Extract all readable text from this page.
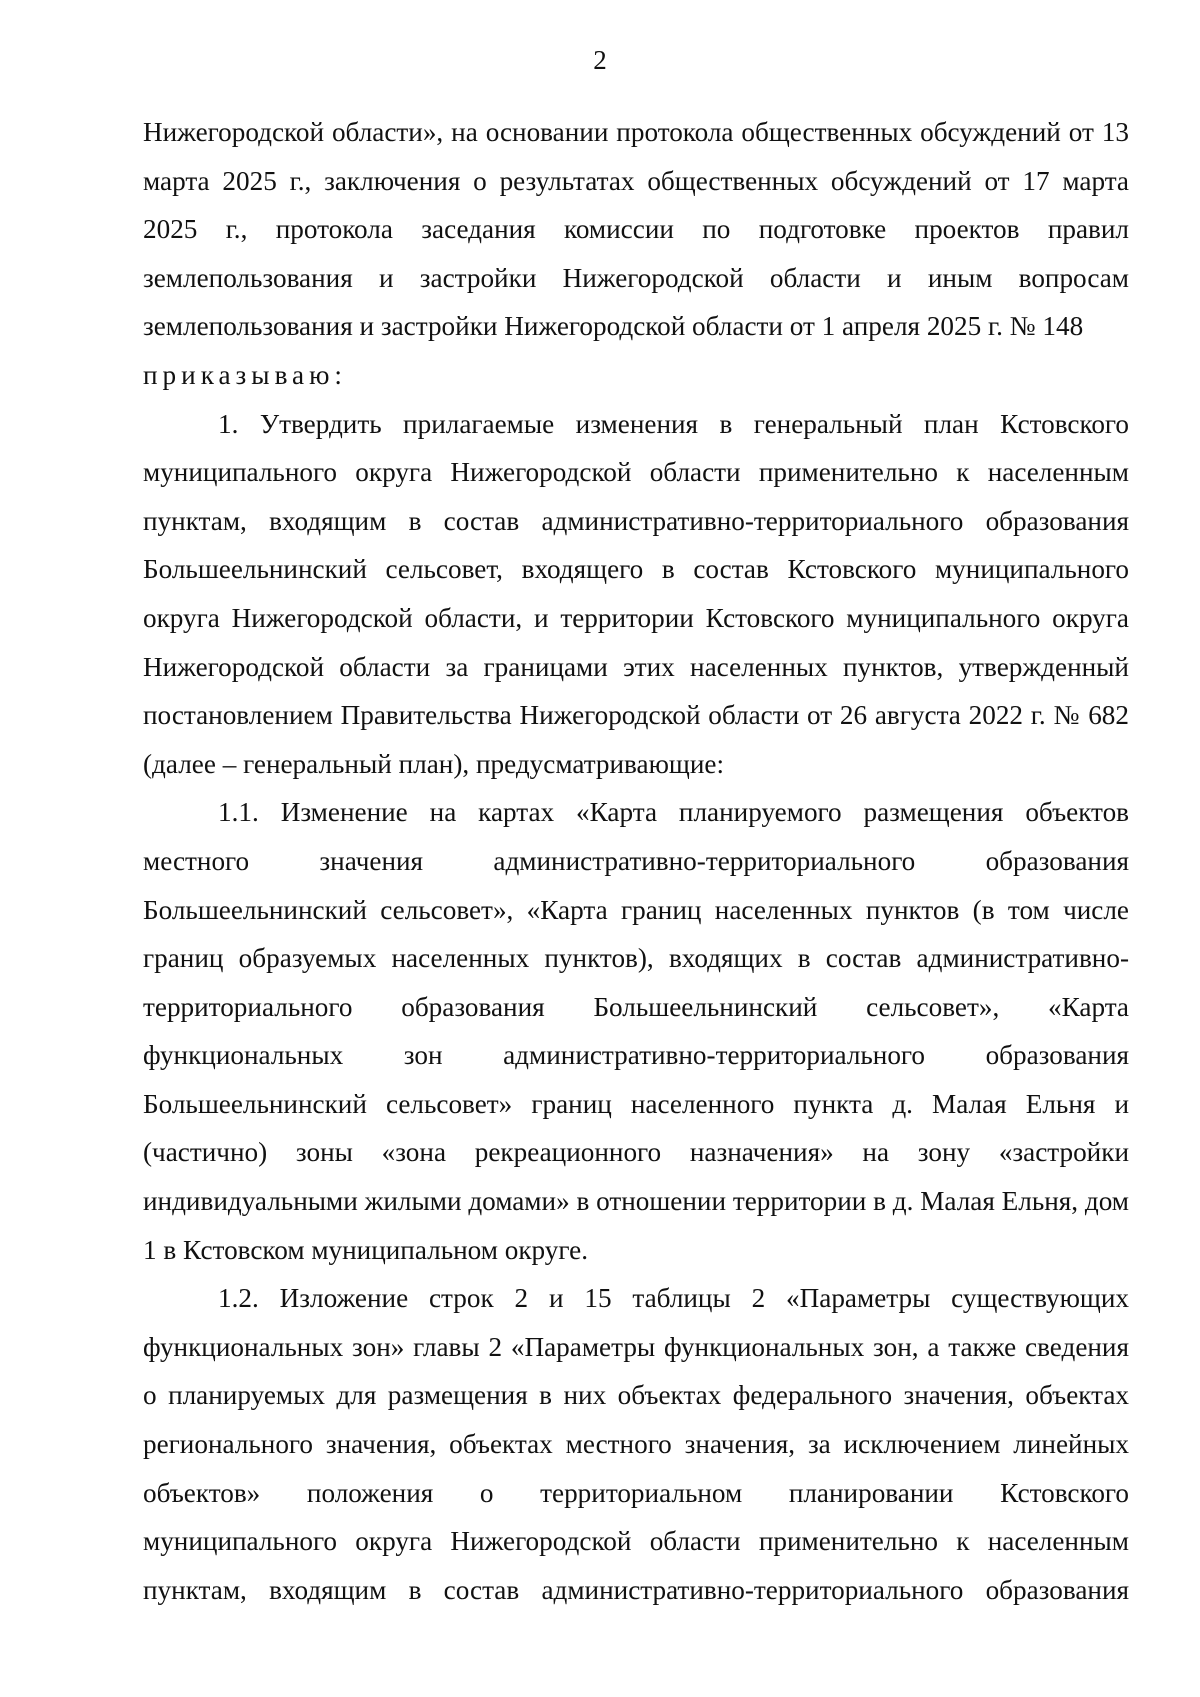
2

Нижегородской области», на основании протокола общественных обсуждений от 13 марта 2025 г., заключения о результатах общественных обсуждений от 17 марта 2025 г., протокола заседания комиссии по подготовке проектов правил землепользования и застройки Нижегородской области и иным вопросам землепользования и застройки Нижегородской области от 1 апреля 2025 г. № 148

приказываю:

1. Утвердить прилагаемые изменения в генеральный план Кстовского муниципального округа Нижегородской области применительно к населенным пунктам, входящим в состав административно-территориального образования Большеельнинский сельсовет, входящего в состав Кстовского муниципального округа Нижегородской области, и территории Кстовского муниципального округа Нижегородской области за границами этих населенных пунктов, утвержденный постановлением Правительства Нижегородской области от 26 августа 2022 г. № 682 (далее – генеральный план), предусматривающие:

1.1. Изменение на картах «Карта планируемого размещения объектов местного значения административно-территориального образования Большеельнинский сельсовет», «Карта границ населенных пунктов (в том числе границ образуемых населенных пунктов), входящих в состав административно-территориального образования Большеельнинский сельсовет», «Карта функциональных зон административно-территориального образования Большеельнинский сельсовет» границ населенного пункта д. Малая Ельня и (частично) зоны «зона рекреационного назначения» на зону «застройки индивидуальными жилыми домами» в отношении территории в д. Малая Ельня, дом 1 в Кстовском муниципальном округе.

1.2. Изложение строк 2 и 15 таблицы 2 «Параметры существующих функциональных зон» главы 2 «Параметры функциональных зон, а также сведения о планируемых для размещения в них объектах федерального значения, объектах регионального значения, объектах местного значения, за исключением линейных объектов» положения о территориальном планировании Кстовского муниципального округа Нижегородской области применительно к населенным пунктам, входящим в состав административно-территориального образования
